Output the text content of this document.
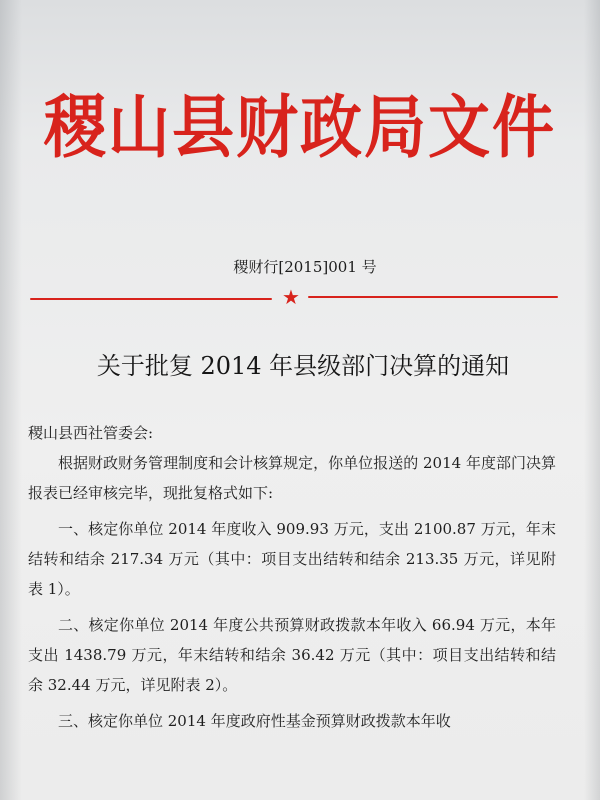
稷山县财政局文件
稷财行[2015]001 号
★
关于批复 2014 年县级部门决算的通知

稷山县西社管委会:

根据财政财务管理制度和会计核算规定，你单位报送的 2014 年度部门决算报表已经审核完毕，现批复格式如下:

一、核定你单位 2014 年度收入 909.93 万元，支出 2100.87 万元，年末结转和结余 217.34 万元（其中：项目支出结转和结余 213.35 万元，详见附表 1）。

二、核定你单位 2014 年度公共预算财政拨款本年收入 66.94 万元，本年支出 1438.79 万元，年末结转和结余 36.42 万元（其中：项目支出结转和结余 32.44 万元，详见附表 2）。

三、核定你单位 2014 年度政府性基金预算财政拨款本年收
